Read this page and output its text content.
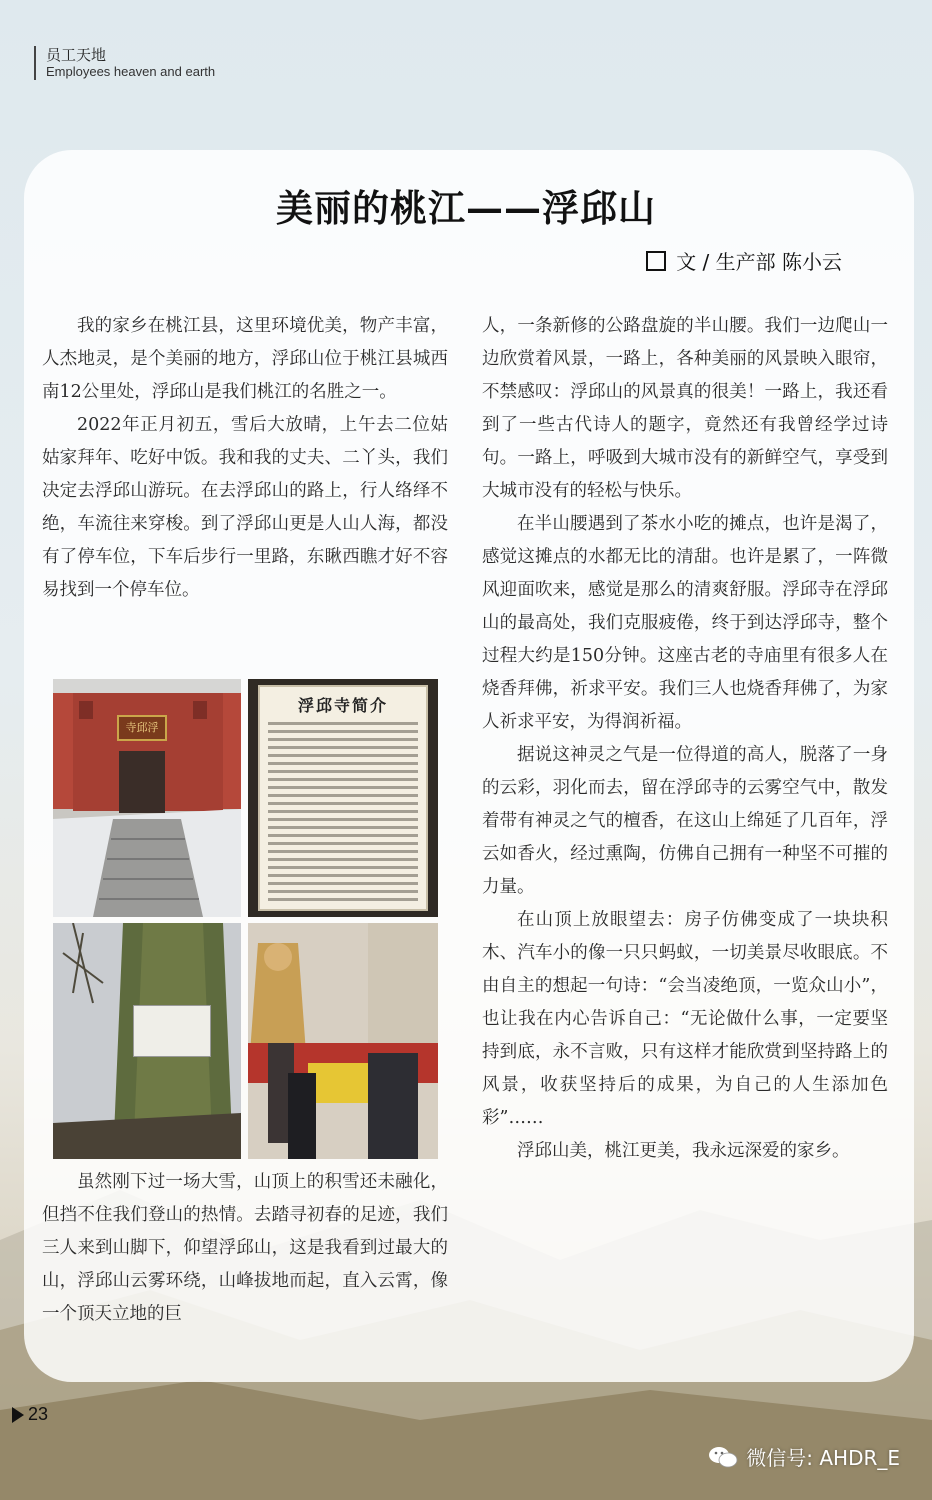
员工天地
Employees heaven and earth
美丽的桃江——浮邱山
文 / 生产部 陈小云

我的家乡在桃江县，这里环境优美，物产丰富，人杰地灵，是个美丽的地方，浮邱山位于桃江县城西南12公里处，浮邱山是我们桃江的名胜之一。

2022年正月初五，雪后大放晴，上午去二位姑姑家拜年、吃好中饭。我和我的丈夫、二丫头，我们决定去浮邱山游玩。在去浮邱山的路上，行人络绎不绝，车流往来穿梭。到了浮邱山更是人山人海，都没有了停车位，下车后步行一里路，东瞅西瞧才好不容易找到一个停车位。

寺邱浮
浮邱寺简介

虽然刚下过一场大雪，山顶上的积雪还未融化，但挡不住我们登山的热情。去踏寻初春的足迹，我们三人来到山脚下，仰望浮邱山，这是我看到过最大的山，浮邱山云雾环绕，山峰拔地而起，直入云霄，像一个顶天立地的巨

人，一条新修的公路盘旋的半山腰。我们一边爬山一边欣赏着风景，一路上，各种美丽的风景映入眼帘，不禁感叹：浮邱山的风景真的很美！一路上，我还看到了一些古代诗人的题字，竟然还有我曾经学过诗句。一路上，呼吸到大城市没有的新鲜空气，享受到大城市没有的轻松与快乐。

在半山腰遇到了茶水小吃的摊点，也许是渴了，感觉这摊点的水都无比的清甜。也许是累了，一阵微风迎面吹来，感觉是那么的清爽舒服。浮邱寺在浮邱山的最高处，我们克服疲倦，终于到达浮邱寺，整个过程大约是150分钟。这座古老的寺庙里有很多人在烧香拜佛，祈求平安。我们三人也烧香拜佛了，为家人祈求平安，为得润祈福。

据说这神灵之气是一位得道的高人，脱落了一身的云彩，羽化而去，留在浮邱寺的云雾空气中，散发着带有神灵之气的檀香，在这山上绵延了几百年，浮云如香火，经过熏陶，仿佛自己拥有一种坚不可摧的力量。

在山顶上放眼望去：房子仿佛变成了一块块积木、汽车小的像一只只蚂蚁，一切美景尽收眼底。不由自主的想起一句诗：“会当凌绝顶，一览众山小”，也让我在内心告诉自己：“无论做什么事，一定要坚持到底，永不言败，只有这样才能欣赏到坚持路上的风景，收获坚持后的成果，为自己的人生添加色彩”……

浮邱山美，桃江更美，我永远深爱的家乡。

23
微信号: AHDR_E
